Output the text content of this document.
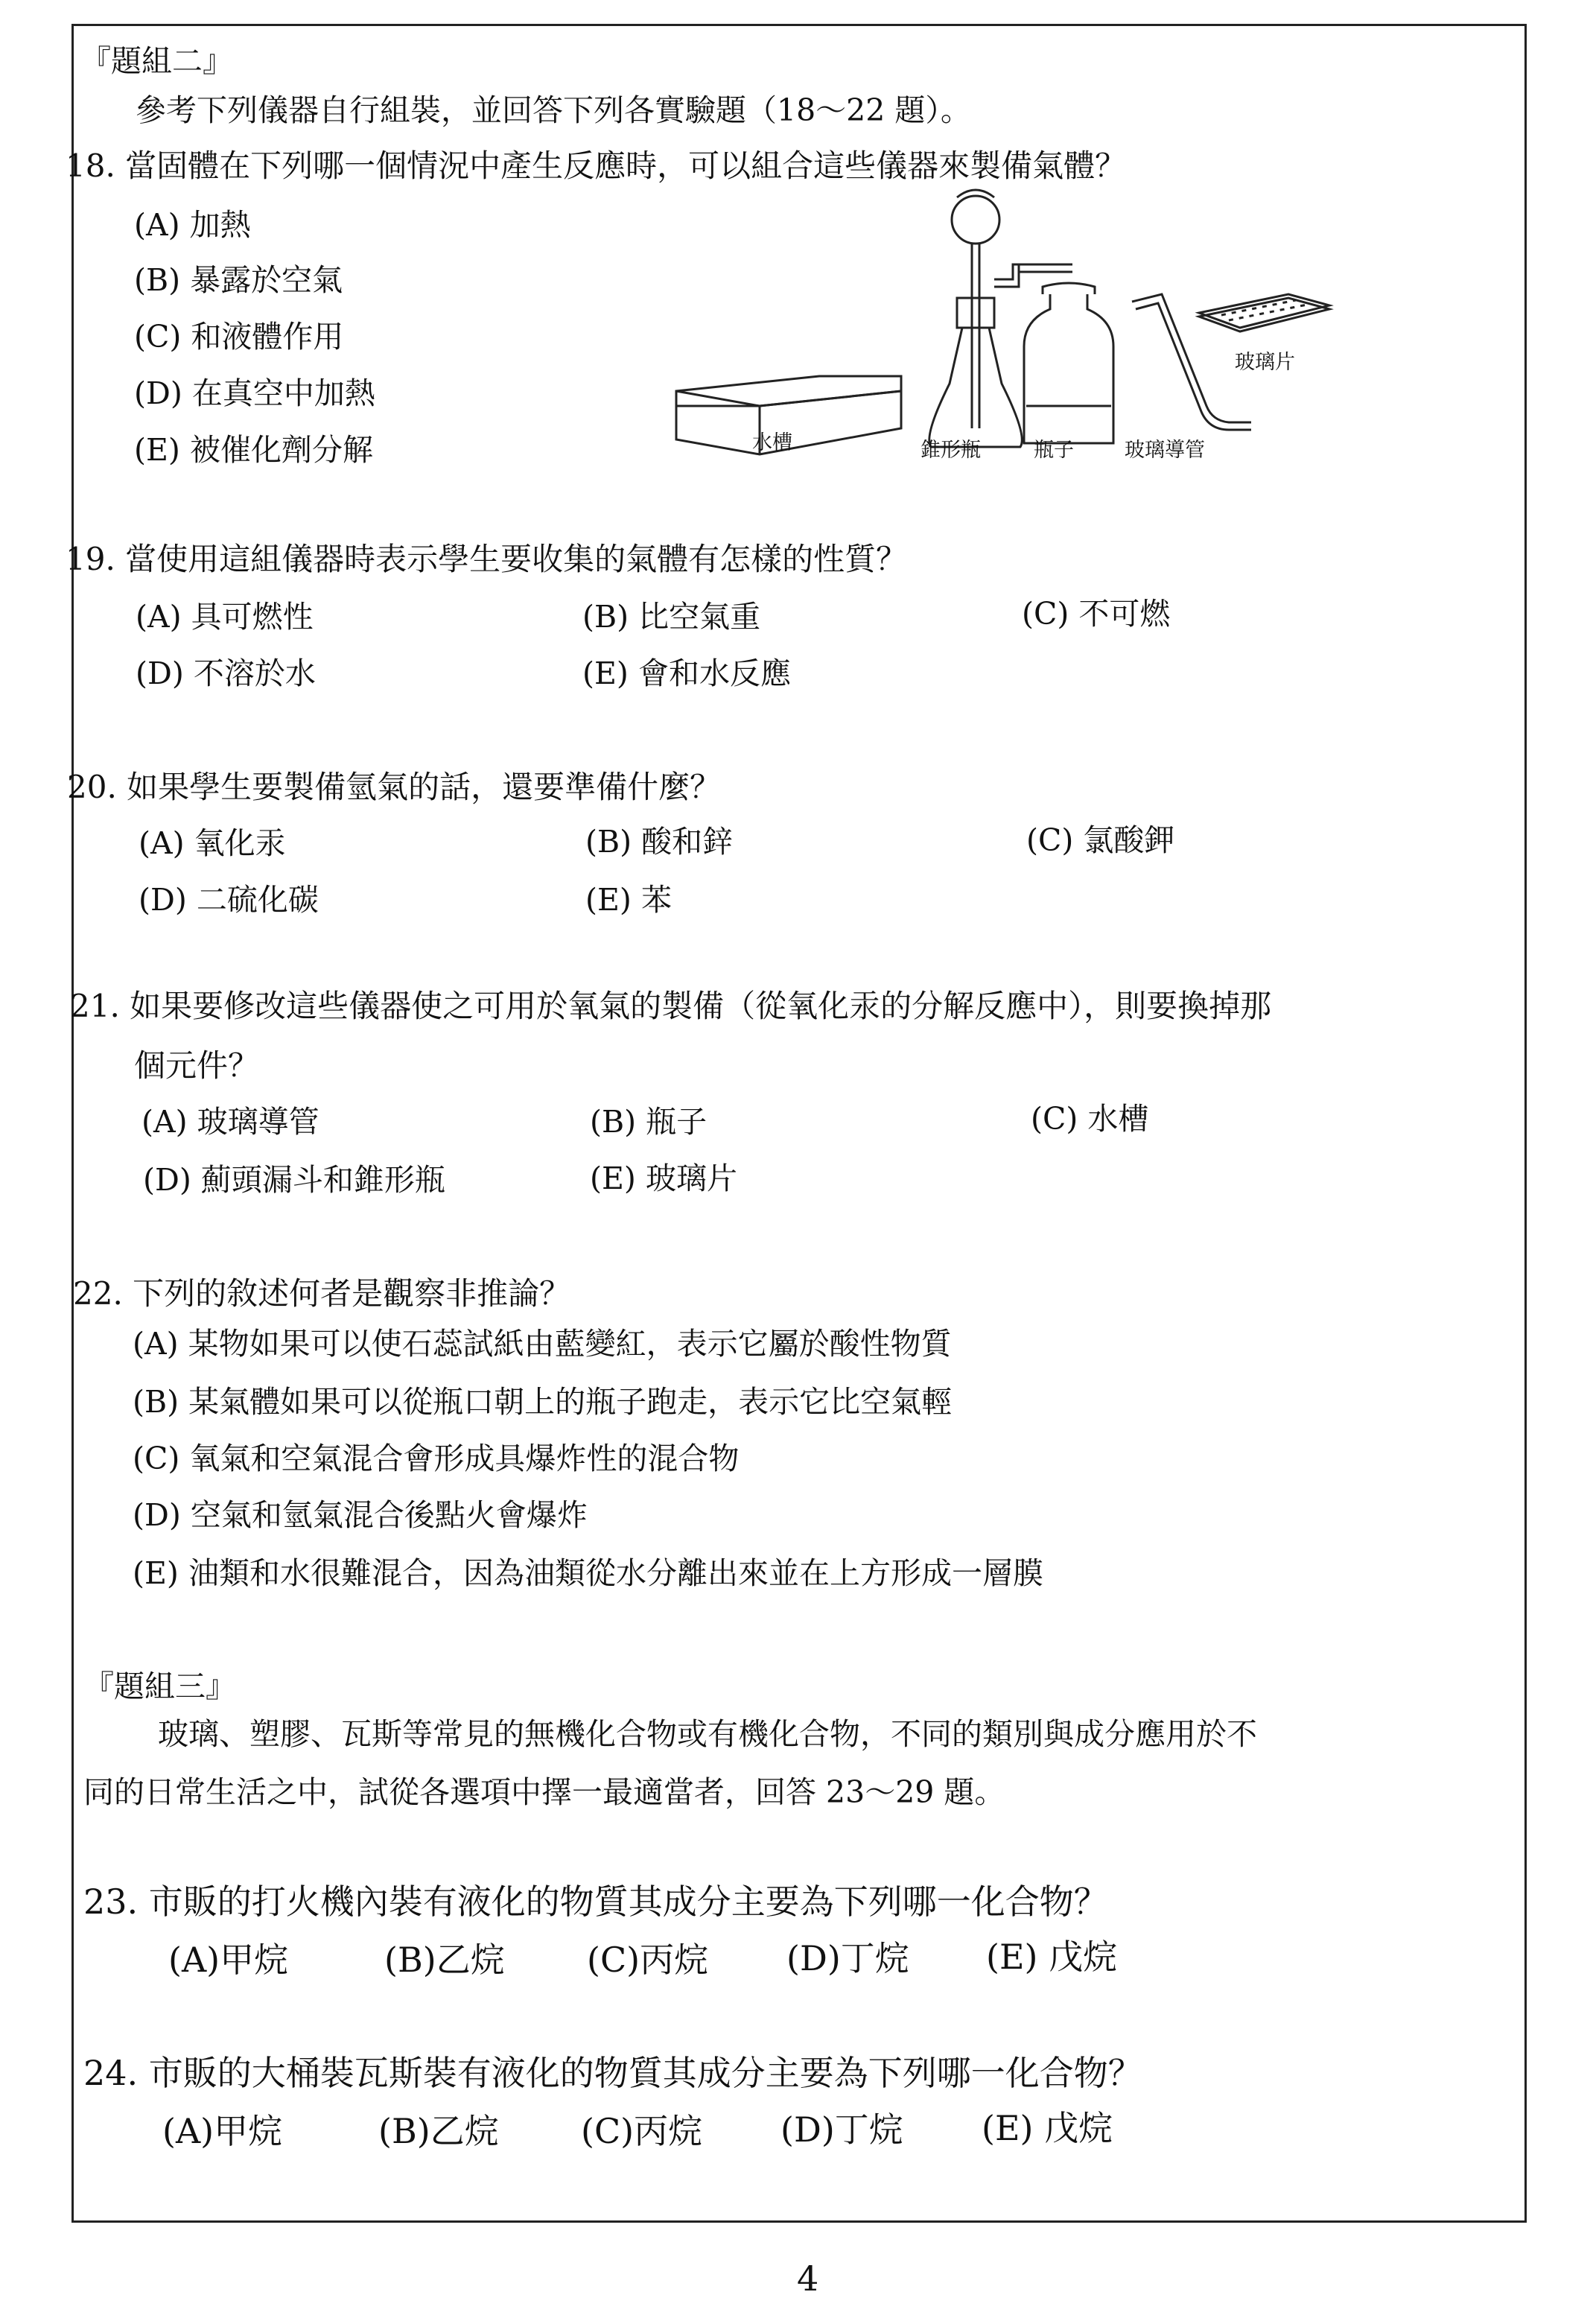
『題組二』
參考下列儀器自行組裝，並回答下列各實驗題（18～22 題）。
18. 當固體在下列哪一個情況中產生反應時，可以組合這些儀器來製備氣體？
(A) 加熱
(B) 暴露於空氣
(C) 和液體作用
(D) 在真空中加熱
(E) 被催化劑分解	水槽	錐形瓶	瓶子	玻璃導管
玻璃片
19. 當使用這組儀器時表示學生要收集的氣體有怎樣的性質？
(A) 具可燃性	(B) 比空氣重	(C) 不可燃
(D) 不溶於水	(E) 會和水反應
20. 如果學生要製備氫氣的話，還要準備什麼？
(A) 氧化汞	(B) 酸和鋅	(C) 氯酸鉀
(D) 二硫化碳	(E) 苯
21. 如果要修改這些儀器使之可用於氧氣的製備（從氧化汞的分解反應中），則要換掉那
個元件？
(A) 玻璃導管	(B) 瓶子	(C) 水槽
(D) 薊頭漏斗和錐形瓶	(E) 玻璃片
22. 下列的敘述何者是觀察非推論？
(A) 某物如果可以使石蕊試紙由藍變紅，表示它屬於酸性物質
(B) 某氣體如果可以從瓶口朝上的瓶子跑走，表示它比空氣輕
(C) 氧氣和空氣混合會形成具爆炸性的混合物
(D) 空氣和氫氣混合後點火會爆炸
(E) 油類和水很難混合，因為油類從水分離出來並在上方形成一層膜
『題組三』
玻璃、塑膠、瓦斯等常見的無機化合物或有機化合物，不同的類別與成分應用於不
同的日常生活之中，試從各選項中擇一最適當者，回答 23～29 題。
23. 市販的打火機內裝有液化的物質其成分主要為下列哪一化合物？
(A)甲烷	(B)乙烷 (C)丙烷 (D)丁烷 (E) 戊烷
24. 市販的大桶裝瓦斯裝有液化的物質其成分主要為下列哪一化合物？
(A)甲烷	(B)乙烷 (C)丙烷 (D)丁烷 (E) 戊烷
4
